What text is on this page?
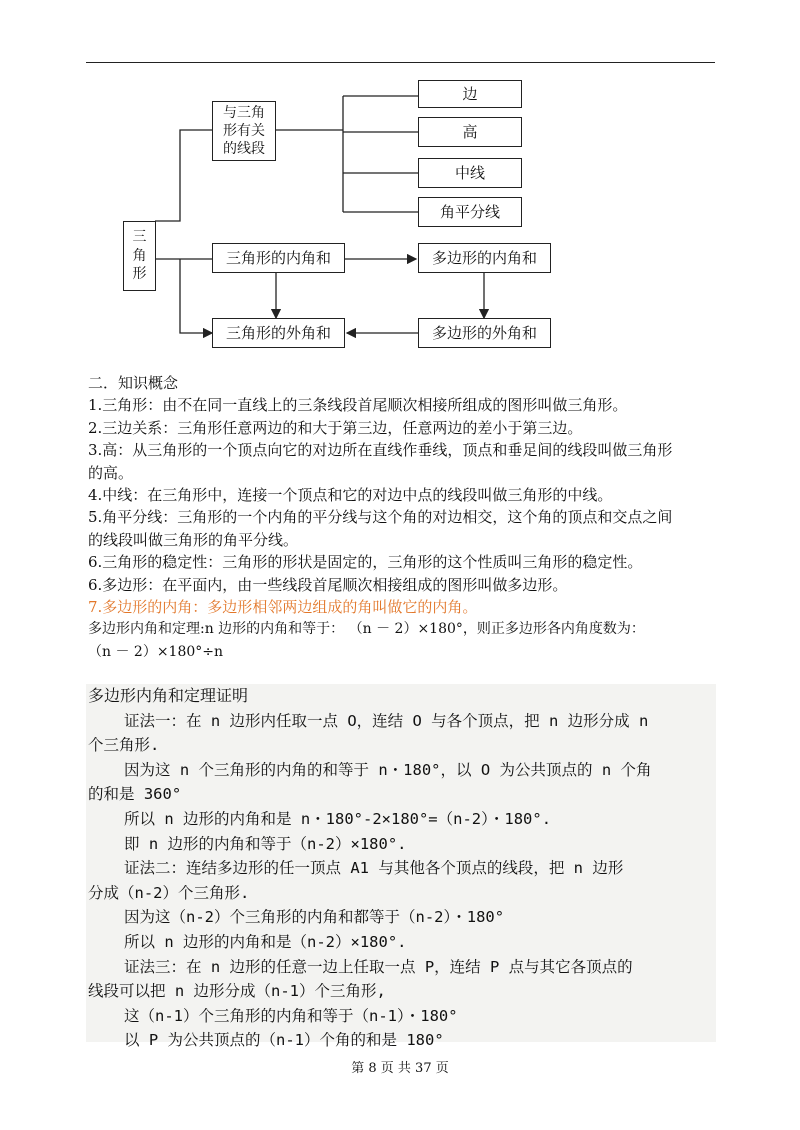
三
角
形
与三角
形有关
的线段
边
高
中线
角平分线
三角形的内角和	多边形的内角和
三角形的外角和	多边形的外角和
二．知识概念
1.三角形：由不在同一直线上的三条线段首尾顺次相接所组成的图形叫做三角形。
2.三边关系：三角形任意两边的和大于第三边，任意两边的差小于第三边。
3.高：从三角形的一个顶点向它的对边所在直线作垂线，顶点和垂足间的线段叫做三角形
的高。
4.中线：在三角形中，连接一个顶点和它的对边中点的线段叫做三角形的中线。
5.角平分线：三角形的一个内角的平分线与这个角的对边相交，这个角的顶点和交点之间
的线段叫做三角形的角平分线。
6.三角形的稳定性：三角形的形状是固定的，三角形的这个性质叫三角形的稳定性。
6.多边形：在平面内，由一些线段首尾顺次相接组成的图形叫做多边形。
7.多边形的内角：多边形相邻两边组成的角叫做它的内角。
多边形内角和定理:n 边形的内角和等于： （n － 2）×180°，则正多边形各内角度数为：
（n － 2）×180°÷n
多边形内角和定理证明
证法一：在 n 边形内任取一点 O，连结 O 与各个顶点，把 n 边形分成 n
个三角形.
因为这 n 个三角形的内角的和等于 n・180°，以 O 为公共顶点的 n 个角
的和是 360°
所以 n 边形的内角和是 n・180°-2×180°=（n-2）・180°.
即 n 边形的内角和等于（n-2）×180°.
证法二：连结多边形的任一顶点 A1 与其他各个顶点的线段，把 n 边形
分成（n-2）个三角形.
因为这（n-2）个三角形的内角和都等于（n-2）・180°
所以 n 边形的内角和是（n-2）×180°.
证法三：在 n 边形的任意一边上任取一点 P，连结 P 点与其它各顶点的
线段可以把 n 边形分成（n-1）个三角形,
这（n-1）个三角形的内角和等于（n-1）・180°
以 P 为公共顶点的（n-1）个角的和是 180°
第 8 页 共 37 页
